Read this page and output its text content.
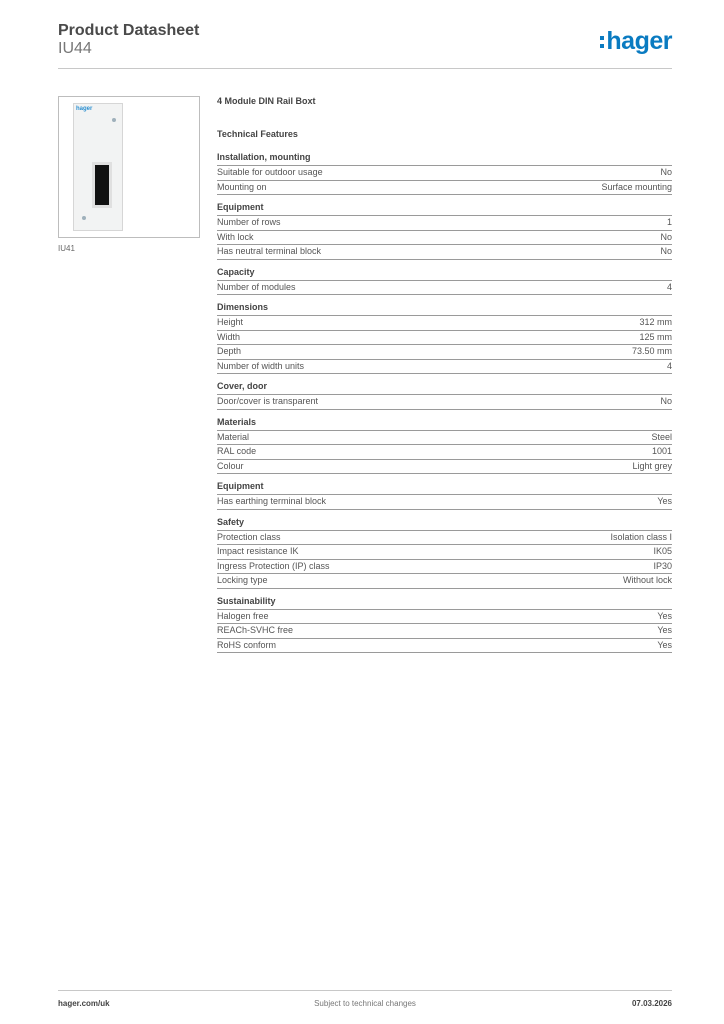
Product Datasheet
IU44	hager
hager
IU41
4 Module DIN Rail Boxt
Technical Features
Installation, mounting
Suitable for outdoor usage	No
Mounting on	Surface mounting
Equipment
Number of rows	1
With lock	No
Has neutral terminal block	No
Capacity
Number of modules	4
Dimensions
Height	312 mm
Width	125 mm
Depth	73.50 mm
Number of width units	4
Cover, door
Door/cover is transparent	No
Materials
Material	Steel
RAL code	1001
Colour	Light grey
Equipment
Has earthing terminal block	Yes
Safety
Protection class	Isolation class I
Impact resistance IK	IK05
Ingress Protection (IP) class	IP30
Locking type	Without lock
Sustainability
Halogen free	Yes
REACh-SVHC free	Yes
RoHS conform	Yes
hager.com/uk	Subject to technical changes	07.03.2026
